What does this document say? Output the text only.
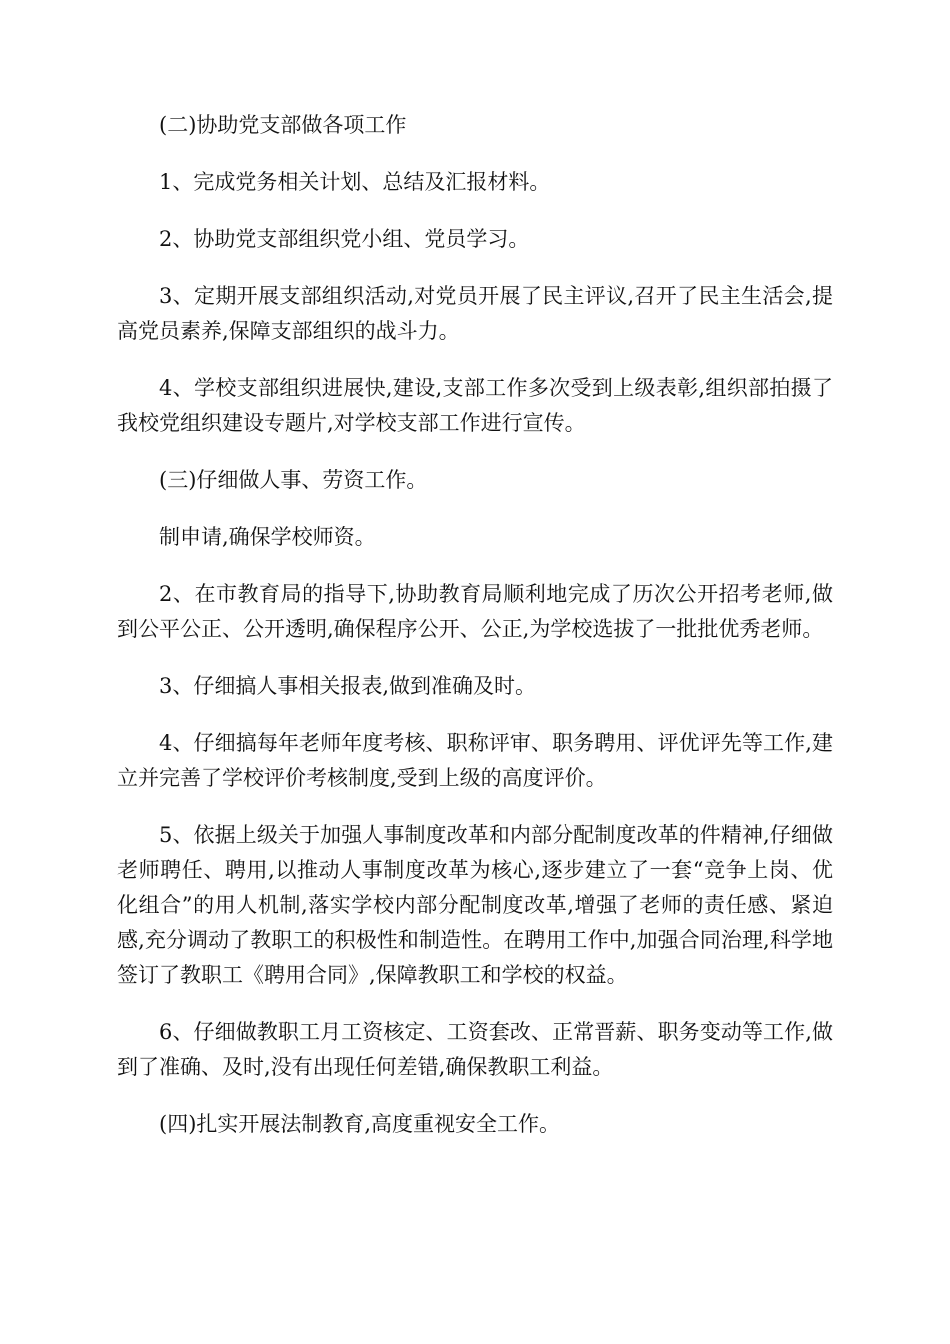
(二)协助党支部做各项工作

1、完成党务相关计划、总结及汇报材料。

2、协助党支部组织党小组、党员学习。

3、定期开展支部组织活动,对党员开展了民主评议,召开了民主生活会,提高党员素养,保障支部组织的战斗力。

4、学校支部组织进展快,建设,支部工作多次受到上级表彰,组织部拍摄了我校党组织建设专题片,对学校支部工作进行宣传。

(三)仔细做人事、劳资工作。

制申请,确保学校师资。

2、在市教育局的指导下,协助教育局顺利地完成了历次公开招考老师,做到公平公正、公开透明,确保程序公开、公正,为学校选拔了一批批优秀老师。

3、仔细搞人事相关报表,做到准确及时。

4、仔细搞每年老师年度考核、职称评审、职务聘用、评优评先等工作,建立并完善了学校评价考核制度,受到上级的高度评价。

5、依据上级关于加强人事制度改革和内部分配制度改革的件精神,仔细做老师聘任、聘用,以推动人事制度改革为核心,逐步建立了一套“竞争上岗、优化组合”的用人机制,落实学校内部分配制度改革,增强了老师的责任感、紧迫感,充分调动了教职工的积极性和制造性。在聘用工作中,加强合同治理,科学地签订了教职工《聘用合同》,保障教职工和学校的权益。

6、仔细做教职工月工资核定、工资套改、正常晋薪、职务变动等工作,做到了准确、及时,没有出现任何差错,确保教职工利益。

(四)扎实开展法制教育,高度重视安全工作。
